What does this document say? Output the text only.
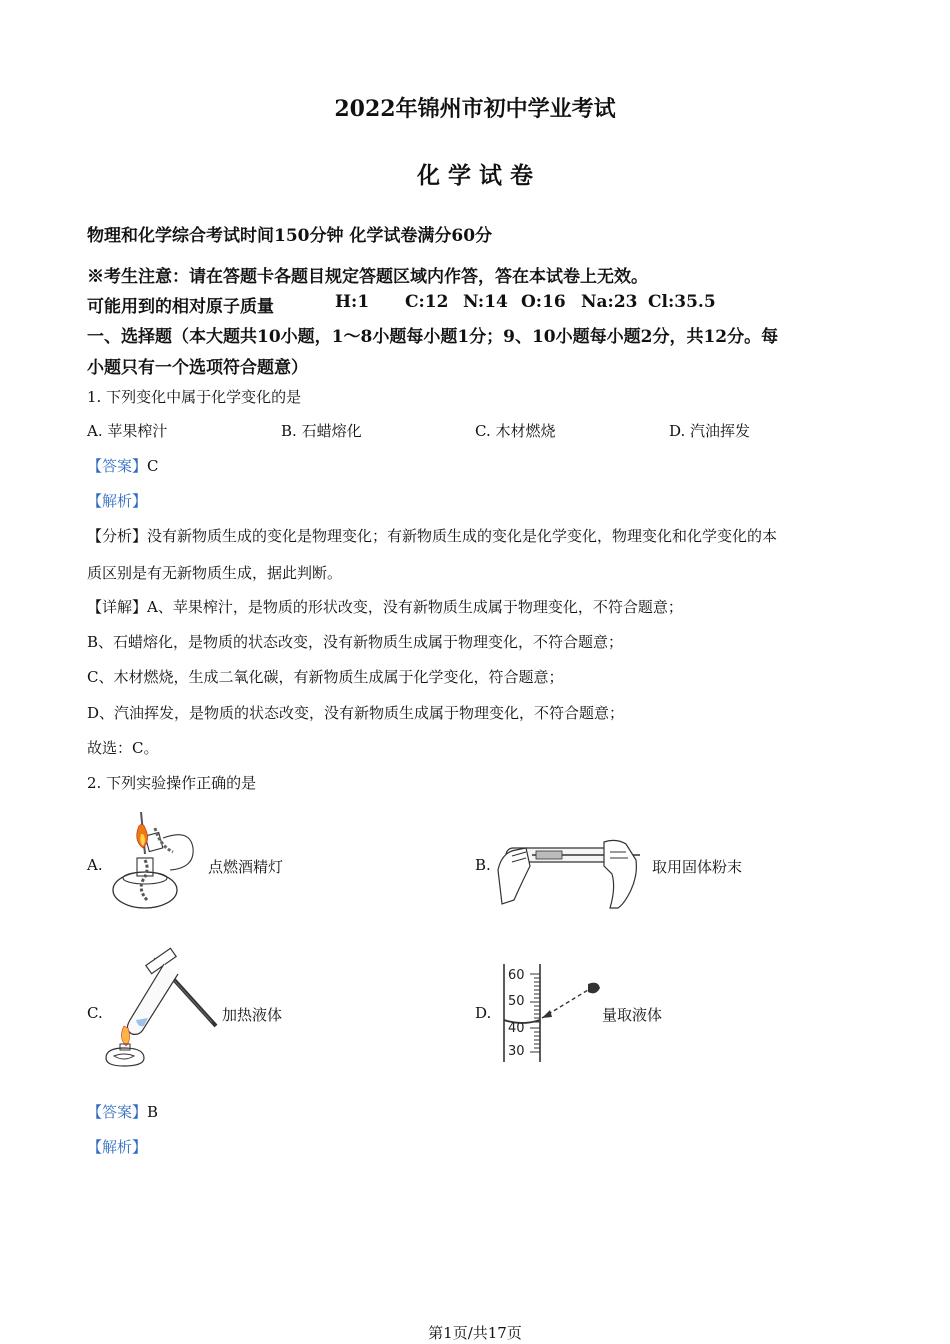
2022年锦州市初中学业考试
化 学 试 卷
物理和化学综合考试时间150分钟 化学试卷满分60分
※考生注意：请在答题卡各题目规定答题区域内作答，答在本试卷上无效。
可能用到的相对原子质量	H:1 C:12 N:14 O:16 Na:23 Cl:35.5
一、选择题（本大题共10小题，1～8小题每小题1分；9、10小题每小题2分，共12分。每
小题只有一个选项符合题意）
1. 下列变化中属于化学变化的是
A. 苹果榨汁	B. 石蜡熔化	C. 木材燃烧	D. 汽油挥发
【答案】C
【解析】
【分析】没有新物质生成的变化是物理变化；有新物质生成的变化是化学变化，物理变化和化学变化的本
质区别是有无新物质生成，据此判断。
【详解】A、苹果榨汁，是物质的形状改变，没有新物质生成属于物理变化，不符合题意；
B、石蜡熔化，是物质的状态改变，没有新物质生成属于物理变化，不符合题意；
C、木材燃烧，生成二氧化碳，有新物质生成属于化学变化，符合题意；
D、汽油挥发，是物质的状态改变，没有新物质生成属于物理变化，不符合题意；
故选：C。
2. 下列实验操作正确的是
A.	点燃酒精灯	B.	取用固体粉末
C.	加热液体	D.
60
50
40
30
量取液体
【答案】B
【解析】
第1页/共17页
